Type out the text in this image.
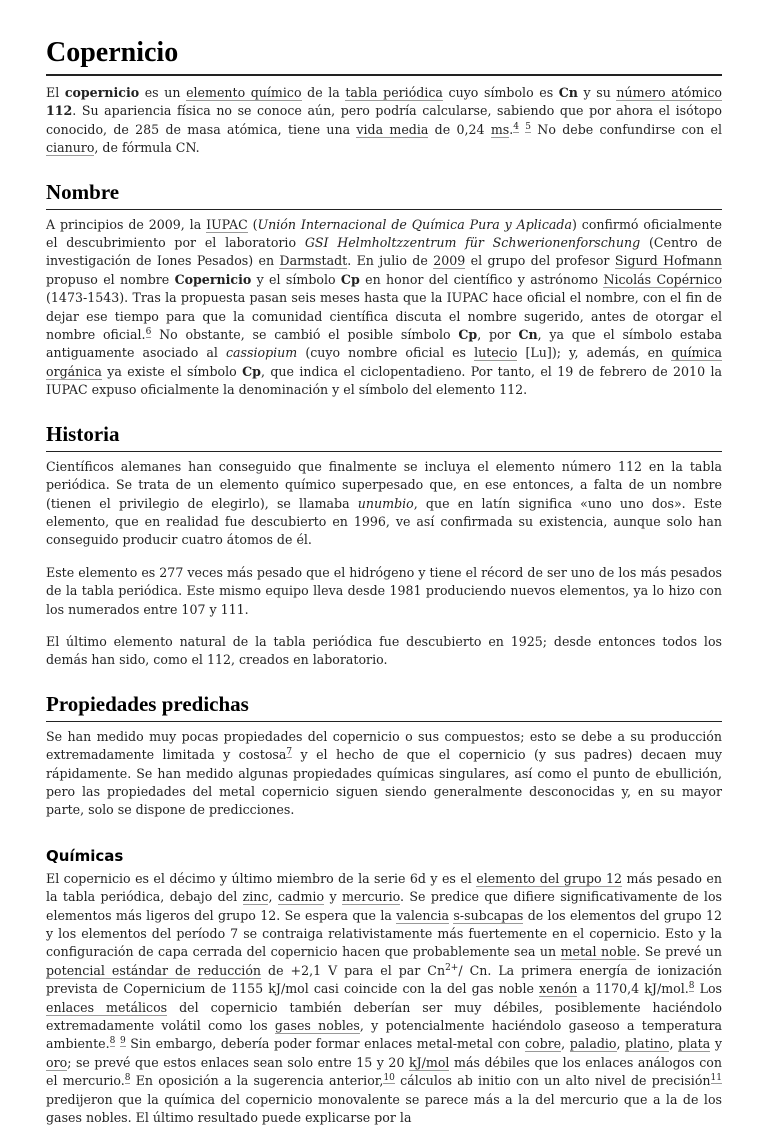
Copernicio

El copernicio es un elemento químico de la tabla periódica cuyo símbolo es Cn y su número atómico 112. Su apariencia física no se conoce aún, pero podría calcularse, sabiendo que por ahora el isótopo conocido, de 285 de masa atómica, tiene una vida media de 0,24 ms.$^4$ $^5$ No debe confundirse con el cianuro, de fórmula CN.

Nombre

A principios de 2009, la IUPAC (Unión Internacional de Química Pura y Aplicada) confirmó oficialmente el descubrimiento por el laboratorio GSI Helmholtzzentrum für Schwerionenforschung (Centro de investigación de Iones Pesados) en Darmstadt. En julio de 2009 el grupo del profesor Sigurd Hofmann propuso el nombre Copernicio y el símbolo Cp en honor del científico y astrónomo Nicolás Copérnico (1473-1543). Tras la propuesta pasan seis meses hasta que la IUPAC hace oficial el nombre, con el fin de dejar ese tiempo para que la comunidad científica discuta el nombre sugerido, antes de otorgar el nombre oficial.$^6$ No obstante, se cambió el posible símbolo Cp, por Cn, ya que el símbolo estaba antiguamente asociado al cassiopium (cuyo nombre oficial es lutecio [Lu]); y, además, en química orgánica ya existe el símbolo Cp, que indica el ciclopentadieno. Por tanto, el 19 de febrero de 2010 la IUPAC expuso oficialmente la denominación y el símbolo del elemento 112.

Historia

Científicos alemanes han conseguido que finalmente se incluya el elemento número 112 en la tabla periódica. Se trata de un elemento químico superpesado que, en ese entonces, a falta de un nombre (tienen el privilegio de elegirlo), se llamaba unumbio, que en latín significa «uno uno dos». Este elemento, que en realidad fue descubierto en 1996, ve así confirmada su existencia, aunque solo han conseguido producir cuatro átomos de él.

Este elemento es 277 veces más pesado que el hidrógeno y tiene el récord de ser uno de los más pesados de la tabla periódica. Este mismo equipo lleva desde 1981 produciendo nuevos elementos, ya lo hizo con los numerados entre 107 y 111.

El último elemento natural de la tabla periódica fue descubierto en 1925; desde entonces todos los demás han sido, como el 112, creados en laboratorio.

Propiedades predichas

Se han medido muy pocas propiedades del copernicio o sus compuestos; esto se debe a su producción extremadamente limitada y costosa$^7$ y el hecho de que el copernicio (y sus padres) decaen muy rápidamente. Se han medido algunas propiedades químicas singulares, así como el punto de ebullición, pero las propiedades del metal copernicio siguen siendo generalmente desconocidas y, en su mayor parte, solo se dispone de predicciones.

Químicas

El copernicio es el décimo y último miembro de la serie 6d y es el elemento del grupo 12 más pesado en la tabla periódica, debajo del zinc, cadmio y mercurio. Se predice que difiere significativamente de los elementos más ligeros del grupo 12. Se espera que la valencia s-subcapas de los elementos del grupo 12 y los elementos del período 7 se contraiga relativistamente más fuertemente en el copernicio. Esto y la configuración de capa cerrada del copernicio hacen que probablemente sea un metal noble. Se prevé un potencial estándar de reducción de +2,1 V para el par $Cn^{2+}/$ Cn. La primera energía de ionización prevista de Copernicium de 1155 kJ/mol casi coincide con la del gas noble xenón a 1170,4 kJ/mol.$^8$ Los enlaces metálicos del copernicio también deberían ser muy débiles, posiblemente haciéndolo extremadamente volátil como los gases nobles, y potencialmente haciéndolo gaseoso a temperatura ambiente.$^8$ $^9$ Sin embargo, debería poder formar enlaces metal-metal con cobre, paladio, platino, plata y oro; se prevé que estos enlaces sean solo entre 15 y 20 kJ/mol más débiles que los enlaces análogos con el mercurio.$^8$ En oposición a la sugerencia anterior,$^{10}$ cálculos ab initio con un alto nivel de precisión$^{11}$ predijeron que la química del copernicio monovalente se parece más a la del mercurio que a la de los gases nobles. El último resultado puede explicarse por la
